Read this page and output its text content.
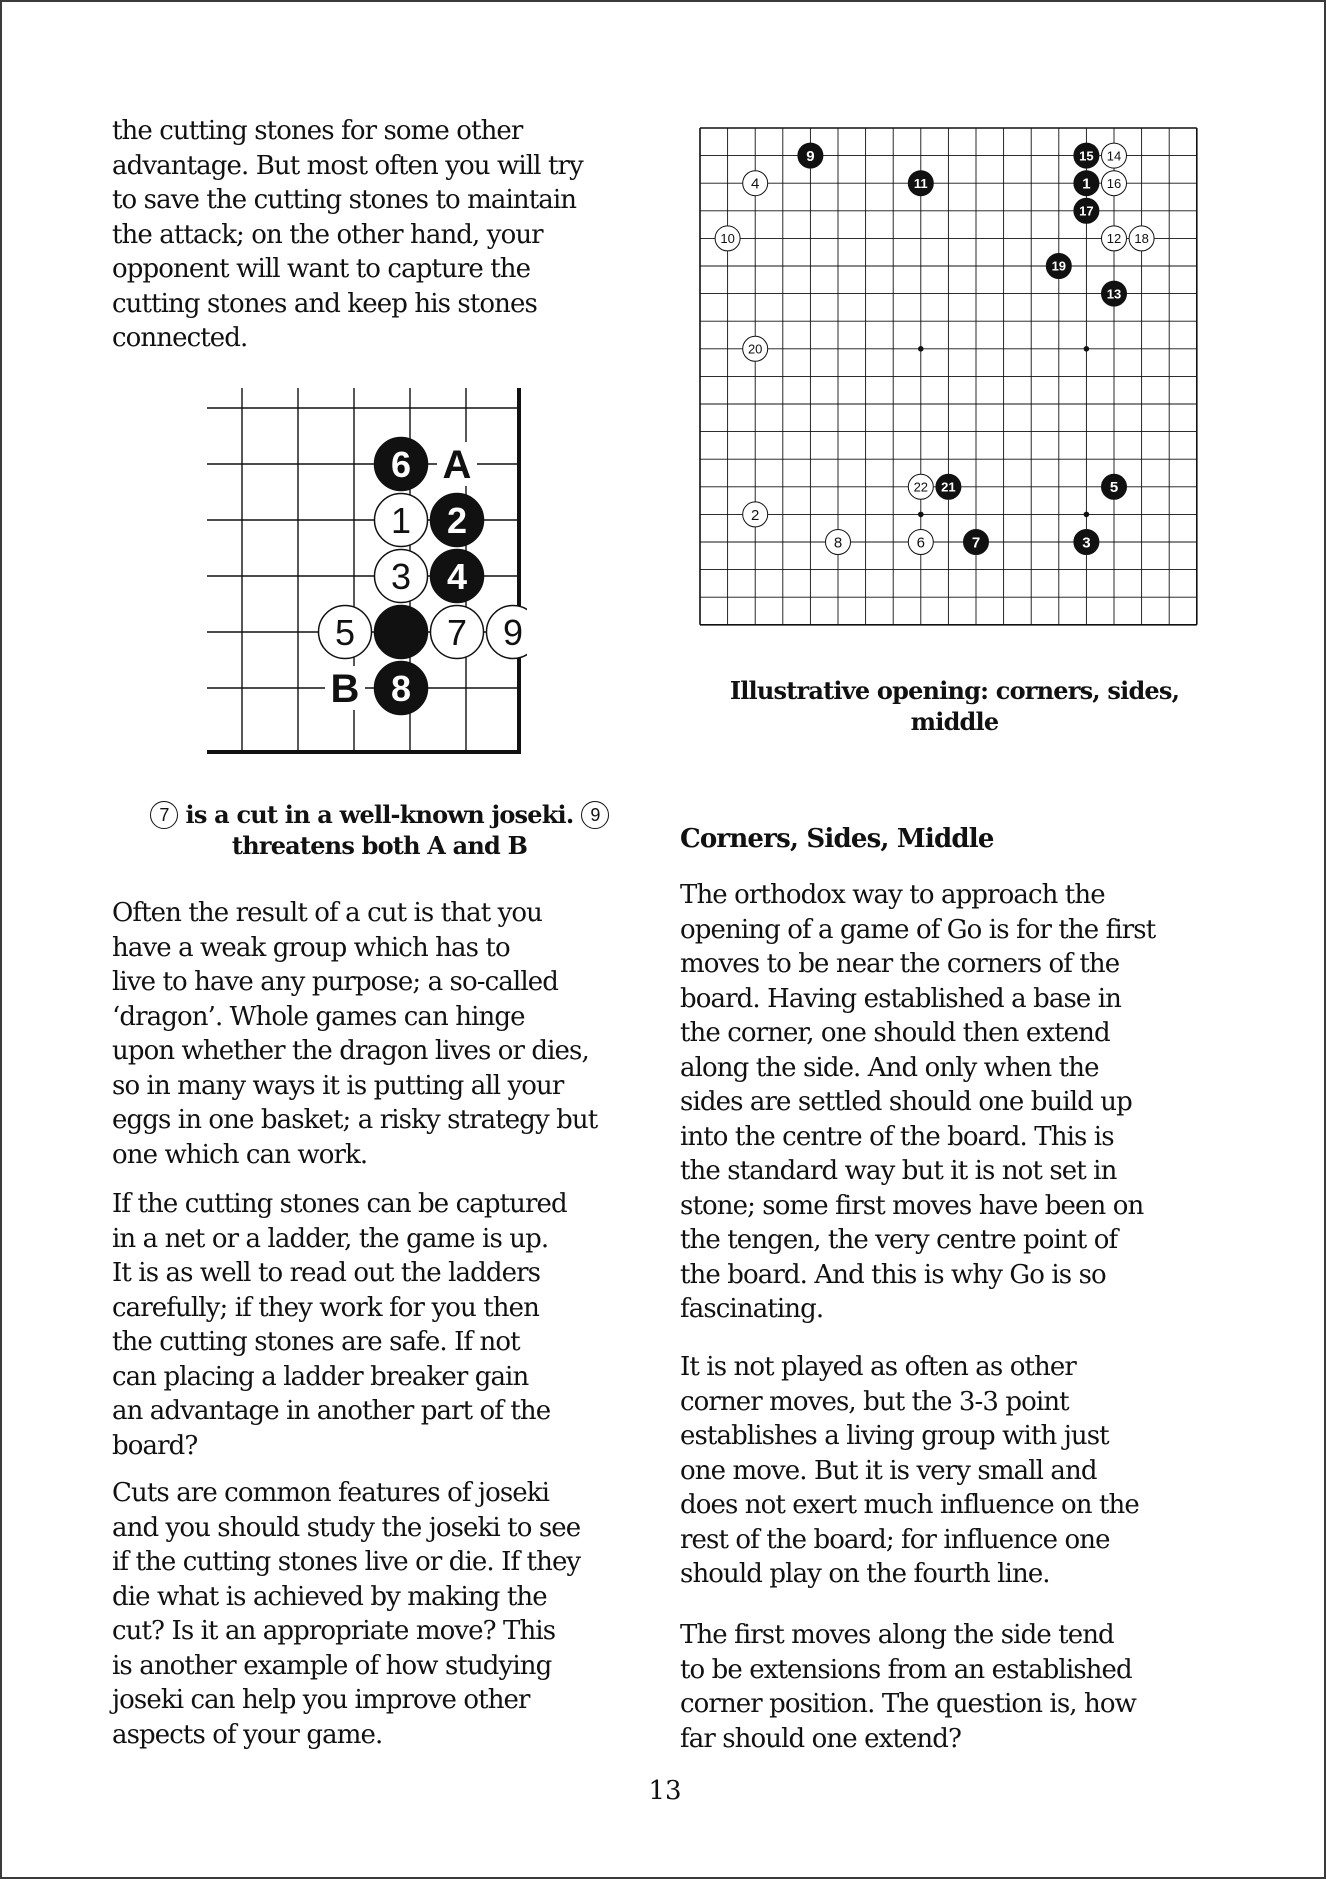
the cutting stones for some other
advantage. But most often you will try
to save the cutting stones to maintain
the attack; on the other hand, your
opponent will want to capture the
cutting stones and keep his stones
connected.

6
1 2
3 4
5	7 9
8
A
B
7 is a cut in a well-known joseki. 9
threatens both A and B

Often the result of a cut is that you
have a weak group which has to
live to have any purpose; a so-called
‘dragon’. Whole games can hinge
upon whether the dragon lives or dies,
so in many ways it is putting all your
eggs in one basket; a risky strategy but
one which can work.

If the cutting stones can be captured
in a net or a ladder, the game is up.
It is as well to read out the ladders
carefully; if they work for you then
the cutting stones are safe. If not
can placing a ladder breaker gain
an advantage in another part of the
board?

Cuts are common features of joseki
and you should study the joseki to see
if the cutting stones live or die. If they
die what is achieved by making the
cut? Is it an appropriate move? This
is another example of how studying
joseki can help you improve other
aspects of your game.

1
2
3
4
5
6	7
8
9
10
11
12
13
14
15
16
17
18
19
20
21
22

Illustrative opening: corners, sides,
middle

Corners, Sides, Middle

The orthodox way to approach the
opening of a game of Go is for the first
moves to be near the corners of the
board. Having established a base in
the corner, one should then extend
along the side. And only when the
sides are settled should one build up
into the centre of the board. This is
the standard way but it is not set in
stone; some first moves have been on
the tengen, the very centre point of
the board. And this is why Go is so
fascinating.

It is not played as often as other
corner moves, but the 3-3 point
establishes a living group with just
one move. But it is very small and
does not exert much influence on the
rest of the board; for influence one
should play on the fourth line.

The first moves along the side tend
to be extensions from an established
corner position. The question is, how
far should one extend?

13
